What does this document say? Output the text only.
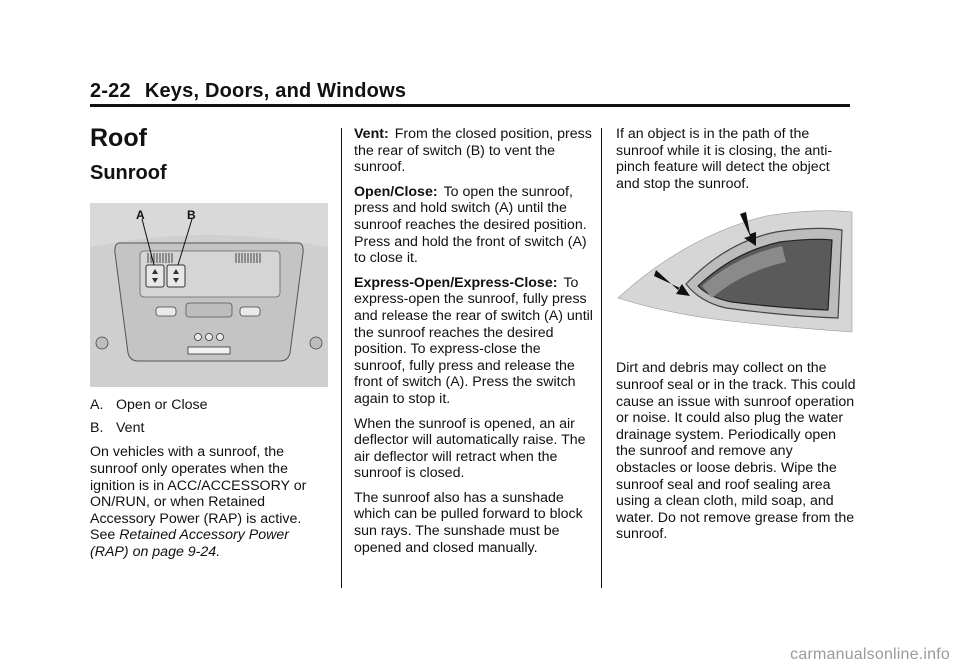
2-22 Keys, Doors, and Windows
Roof
Sunroof
A	B
A. Open or Close
B. Vent

On vehicles with a sunroof, the sunroof only operates when the ignition is in ACC/ACCESSORY or ON/RUN, or when Retained Accessory Power (RAP) is active. See Retained Accessory Power (RAP) on page 9-24.

Vent: From the closed position, press the rear of switch (B) to vent the sunroof.

Open/Close: To open the sunroof, press and hold switch (A) until the sunroof reaches the desired position. Press and hold the front of switch (A) to close it.

Express-Open/Express-Close: To express-open the sunroof, fully press and release the rear of switch (A) until the sunroof reaches the desired position. To express-close the sunroof, fully press and release the front of switch (A). Press the switch again to stop it.

When the sunroof is opened, an air deflector will automatically raise. The air deflector will retract when the sunroof is closed.

The sunroof also has a sunshade which can be pulled forward to block sun rays. The sunshade must be opened and closed manually.

If an object is in the path of the sunroof while it is closing, the anti-pinch feature will detect the object and stop the sunroof.

Dirt and debris may collect on the sunroof seal or in the track. This could cause an issue with sunroof operation or noise. It could also plug the water drainage system. Periodically open the sunroof and remove any obstacles or loose debris. Wipe the sunroof seal and roof sealing area using a clean cloth, mild soap, and water. Do not remove grease from the sunroof.

carmanualsonline.info
